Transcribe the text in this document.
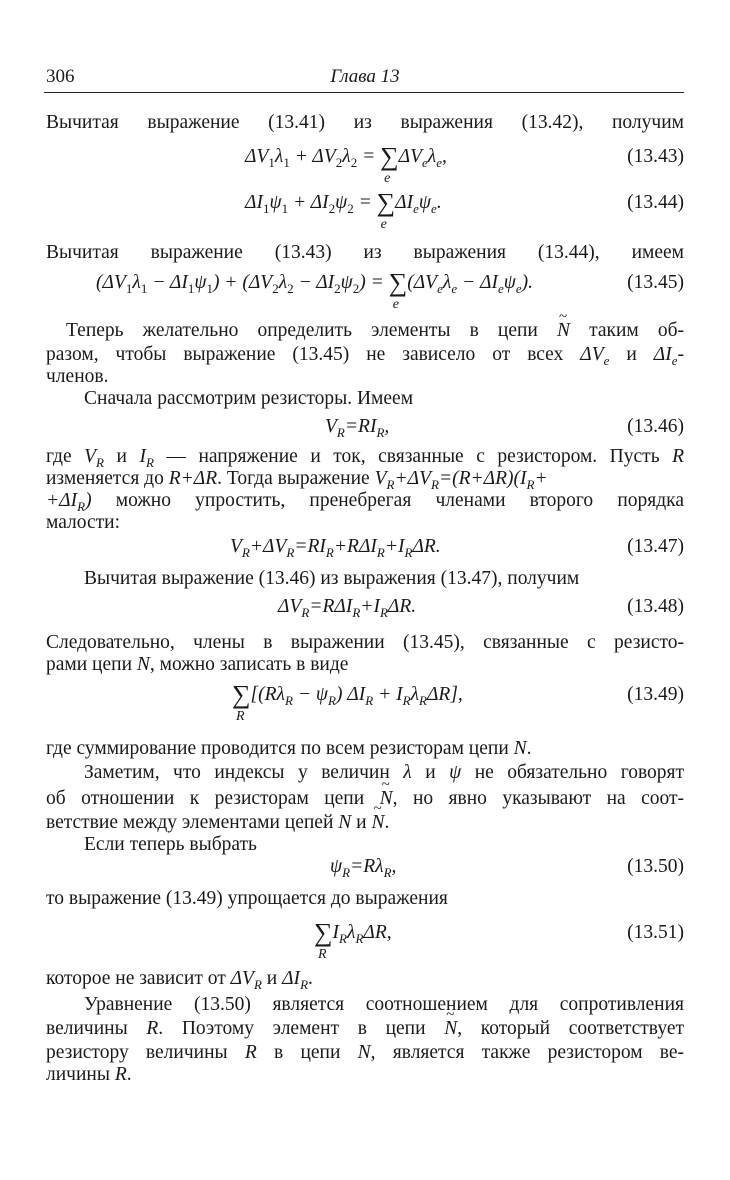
306	Глава 13
Вычитая выражение (13.41) из выражения (13.42), получим
$\Delta V_1\lambda_1 + \Delta V_2\lambda_2$ = ∑
e
$\Delta V_e\lambda_e$,	(13.43)
$\Delta I_1\psi_1 + \Delta I_2\psi_2$ = ∑
e
$\Delta I_e\psi_e$.	(13.44)
Вычитая выражение (13.43) из выражения (13.44), имеем
$(\Delta V_1\lambda_1 - \Delta I_1\psi_1) + (\Delta V_2\lambda_2 - \Delta I_2\psi_2)$ = ∑
e
$(\Delta V_e\lambda_e - \Delta I_e\psi_e)$.	(13.45)
Теперь желательно определить элементы в цепи ~ N таким об-
разом, чтобы выражение (13.45) не зависело от всех $\Delta V_e$ и $\Delta I_e-$
членов.
Сначала рассмотрим резисторы. Имеем
$V_R=RI_R$,	(13.46)
где $V_R$ и $I_R$ — напряжение и ток, связанные с резистором. Пусть R
изменяется до R+ΔR. Тогда выражение $V_R+\Delta V_R=(R+\Delta R)(I_R+$
$+\Delta I_R$) можно упростить, пренебрегая членами второго порядка
малости:
$V_R+\Delta V_R=RI_R+R\Delta I_R+I_R\Delta R$.	(13.47)
Вычитая выражение (13.46) из выражения (13.47), получим
$\Delta V_R=R\Delta I_R+I_R\Delta R$.	(13.48)
Следовательно, члены в выражении (13.45), связанные с резисто-
рами цепи N, можно записать в виде
∑
R
$[(R\lambda_R - \psi_R) \Delta I_R + I_R\lambda_R\Delta R]$,	(13.49)
где суммирование проводится по всем резисторам цепи N.
Заметим, что индексы у величин λ и ψ не обязательно говорят
об отношении к резисторам цепи ~ N, но явно указывают на соот-
ветствие между элементами цепей N и ~ N.
Если теперь выбрать
$\psi_R=R\lambda_R$,	(13.50)
то выражение (13.49) упрощается до выражения
∑
R
$I_R\lambda_R\Delta R$,	(13.51)
которое не зависит от $\Delta V_R$ и $\Delta I_R$.
Уравнение (13.50) является соотношением для сопротивления
величины R. Поэтому элемент в цепи ~ N, который соответствует
резистору величины R в цепи N, является также резистором ве-
личины R.
